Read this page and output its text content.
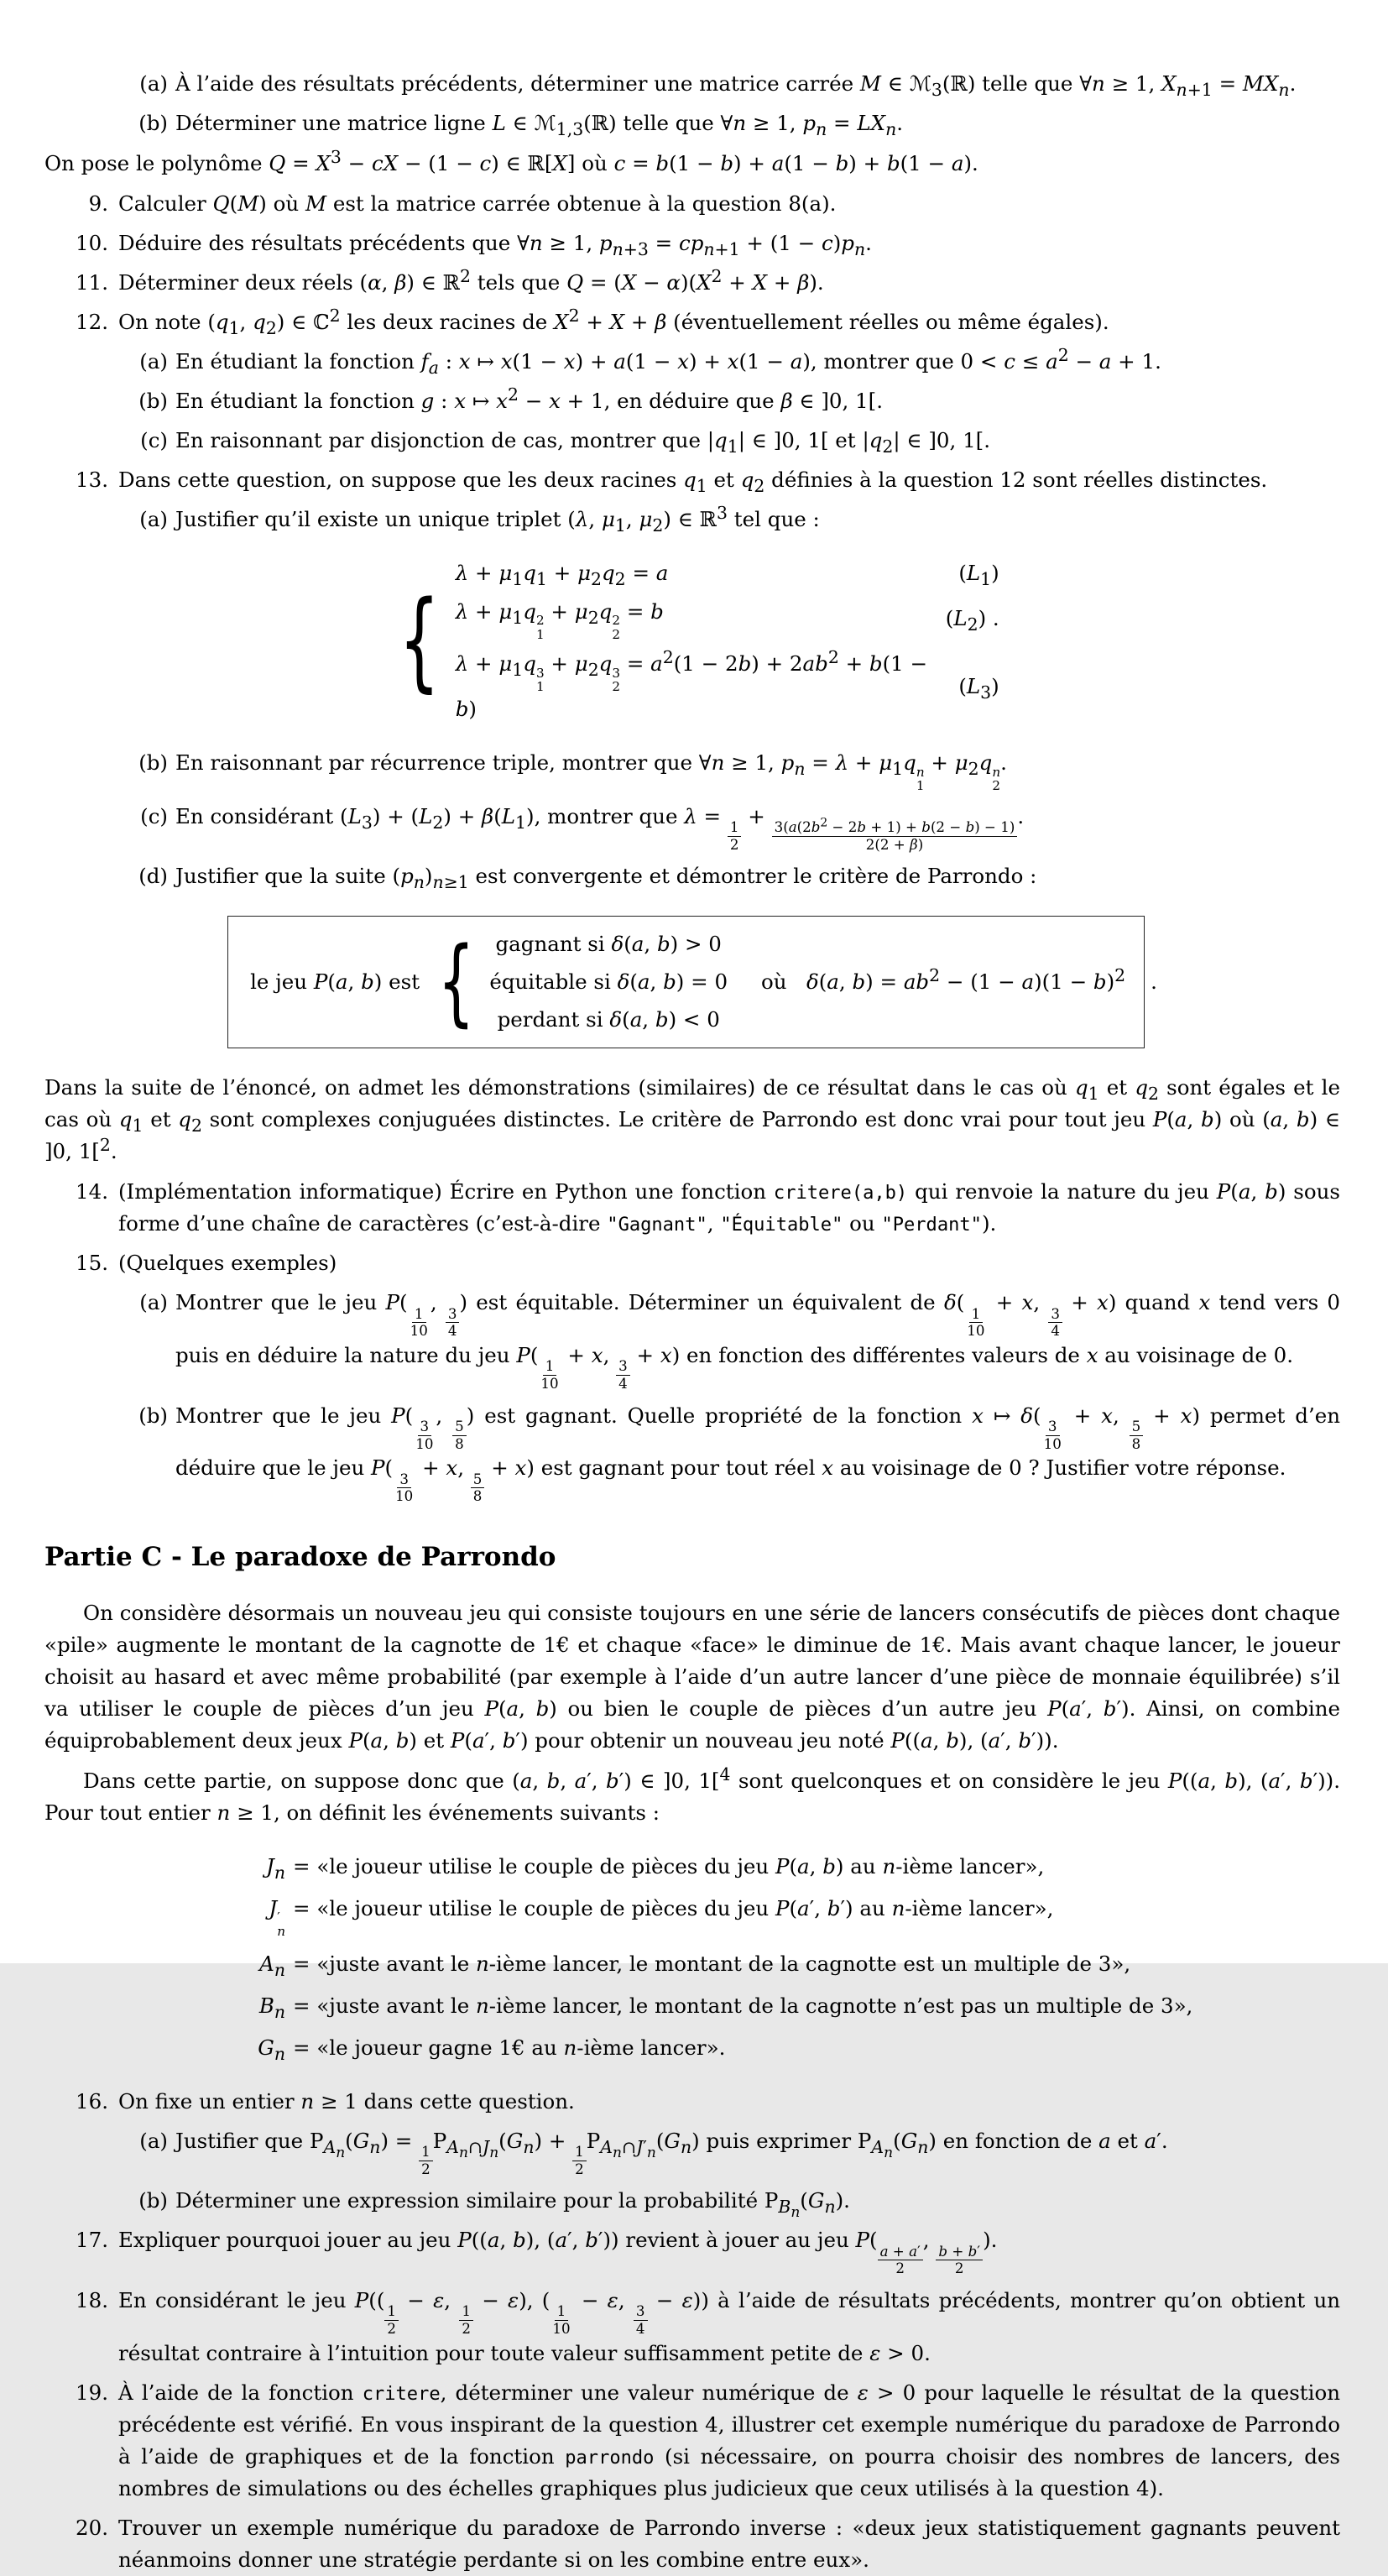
(a) À l’aide des résultats précédents, déterminer une matrice carrée M ∈ ℳ$_3$(ℝ) telle que ∀n ≥ 1, $X_{n+1} = MX_n$.
(b) Déterminer une matrice ligne L ∈ ℳ$_{1,3}$(ℝ) telle que ∀n ≥ 1, $p_n = LX_n$.

On pose le polynôme $Q = X^3$ − cX − (1 − c) ∈ ℝ[X] où c = b(1 − b) + a(1 − b) + b(1 − a).

9. Calculer Q(M) où M est la matrice carrée obtenue à la question 8(a).
10. Déduire des résultats précédents que ∀n ≥ 1, $p_{n+3} = cp_{n+1} + (1 - c)p_n$.
11. Déterminer deux réels (α, β) ∈ ℝ$^2$ tels que $Q = (X - \alpha)(X^2 + X + \beta)$.
12. On note ($q_1$, $q_2$) ∈ ℂ$^2$ les deux racines de $X^2 + X + \beta$ (éventuellement réelles ou même égales).
(a) En étudiant la fonction $f_a$ : x ↦ x(1 − x) + a(1 − x) + x(1 − a), montrer que $0 < c \le a^2 - a + 1$.
(b) En étudiant la fonction g : x ↦ $x^2 - x + 1$, en déduire que β ∈ ]0, 1[.
(c) En raisonnant par disjonction de cas, montrer que $|q_1|$ ∈ ]0, 1[ et $|q_2|$ ∈ ]0, 1[.
13. Dans cette question, on suppose que les deux racines $q_1$ et $q_2$ définies à la question 12 sont réelles distinctes.
(a) Justifier qu’il existe un unique triplet (λ, $\mu_1$, $\mu_2$) ∈ ℝ$^3$ tel que :
{
$\lambda + \mu_1q_1 + \mu_2q_2 = a$	$(L_1)$
$\lambda + \mu_1q$ 2
1
+ $\mu_2q$ 2
2
= b	$(L_2)$ .
$\lambda + \mu_1q$ 3
1
+ $\mu_2q$ 3
2
= $a^2(1 - 2b) + 2ab^2 + b(1 - b)$
$(L_3)$
(b) En raisonnant par récurrence triple, montrer que ∀n ≥ 1, $p_n = \lambda + \mu_1q$ n
1
+ $\mu_2q$ n
2
.
(c) En considérant $(L_3) + (L_2) + \beta(L_1)$, montrer que λ =
$\frac{1}{2}$
+
$\frac{3(a(2b^2 - 2b + 1) + b(2 - b) - 1)}{2(2 + \beta)}$
.
(d) Justifier que la suite $(p_n)_{n\ge 1}$ est convergente et démontrer le critère de Parrondo :
le jeu P(a, b) est { gagnant si δ(a, b) > 0
équitable si δ(a, b) = 0
perdant si δ(a, b) < 0
où   δ(a, $b) = ab^2 - (1 - a)(1 - b)^2$ .

Dans la suite de l’énoncé, on admet les démonstrations (similaires) de ce résultat dans le cas où $q_1$ et $q_2$ sont égales et le cas où $q_1$ et $q_2$ sont complexes conjuguées distinctes. Le critère de Parrondo est donc vrai pour tout jeu P(a, b) où (a, b) ∈ ]0, 1[$^2$.

14. (Implémentation informatique) Écrire en Python une fonction critere(a,b) qui renvoie la nature du jeu P(a, b) sous forme d’une chaîne de caractères (c’est-à-dire "Gagnant", "Équitable" ou "Perdant").
15. (Quelques exemples)
(a) Montrer que le jeu P(
$\frac{1}{10}$
,
$\frac{3}{4}$
) est équitable. Déterminer un équivalent de δ(
$\frac{1}{10}$
+ x,
$\frac{3}{4}$
+ x) quand x tend vers 0 puis en déduire la nature du jeu P(
$\frac{1}{10}$
+ x,
$\frac{3}{4}$
+ x) en fonction des différentes valeurs de x au voisinage de 0.
(b) Montrer que le jeu P(
$\frac{3}{10}$
,
$\frac{5}{8}$
) est gagnant. Quelle propriété de la fonction x ↦ δ(
$\frac{3}{10}$
+ x,
$\frac{5}{8}$
+ x) permet d’en déduire que le jeu P(
$\frac{3}{10}$
+ x,
$\frac{5}{8}$
+ x) est gagnant pour tout réel x au voisinage de 0 ? Justifier votre réponse.
Partie C - Le paradoxe de Parrondo

On considère désormais un nouveau jeu qui consiste toujours en une série de lancers consécutifs de pièces dont chaque «pile» augmente le montant de la cagnotte de 1€ et chaque «face» le diminue de 1€. Mais avant chaque lancer, le joueur choisit au hasard et avec même probabilité (par exemple à l’aide d’un autre lancer d’une pièce de monnaie équilibrée) s’il va utiliser le couple de pièces d’un jeu P(a, b) ou bien le couple de pièces d’un autre jeu P(a′, b′). Ainsi, on combine équiprobablement deux jeux P(a, b) et P(a′, b′) pour obtenir un nouveau jeu noté P((a, b), (a′, b′)).

Dans cette partie, on suppose donc que (a, b, a′, b′) ∈ ]0, 1[$^4$ sont quelconques et on considère le jeu P((a, b), (a′, b′)). Pour tout entier n ≥ 1, on définit les événements suivants :

$J_n$ = «le joueur utilise le couple de pièces du jeu P(a, b) au n-ième lancer»,
J ′
n
= «le joueur utilise le couple de pièces du jeu P(a′, b′) au n-ième lancer»,
$A_n$ = «juste avant le n-ième lancer, le montant de la cagnotte est un multiple de 3»,
$B_n$ = «juste avant le n-ième lancer, le montant de la cagnotte n’est pas un multiple de 3»,
$G_n$ = «le joueur gagne 1€ au n-ième lancer».
16. On fixe un entier n ≥ 1 dans cette question.
(a) Justifier que $P_{A_n}(G_n)$ =
$\frac{1}{2}$
$P_{A_n\cap J_n}(G_n)$ +
$\frac{1}{2}$
$P_{A_n\cap J'_n}(G_n)$ puis exprimer $P_{A_n}(G_n)$ en fonction de a et a′.
(b) Déterminer une expression similaire pour la probabilité $P_{B_n}(G_n)$.
17. Expliquer pourquoi jouer au jeu P((a, b), (a′, b′)) revient à jouer au jeu P(
$\frac{a + a'}{2}$
,
$\frac{b + b'}{2}$
).
18. En considérant le jeu P((
$\frac{1}{2}$
− ε,
$\frac{1}{2}$
− ε), (
$\frac{1}{10}$
− ε,
$\frac{3}{4}$
− ε)) à l’aide de résultats précédents, montrer qu’on obtient un résultat contraire à l’intuition pour toute valeur suffisamment petite de ε > 0.
19. À l’aide de la fonction critere, déterminer une valeur numérique de ε > 0 pour laquelle le résultat de la question précédente est vérifié. En vous inspirant de la question 4, illustrer cet exemple numérique du paradoxe de Parrondo à l’aide de graphiques et de la fonction parrondo (si nécessaire, on pourra choisir des nombres de lancers, des nombres de simulations ou des échelles graphiques plus judicieux que ceux utilisés à la question 4).
20. Trouver un exemple numérique du paradoxe de Parrondo inverse : «deux jeux statistiquement gagnants peuvent néanmoins donner une stratégie perdante si on les combine entre eux».
